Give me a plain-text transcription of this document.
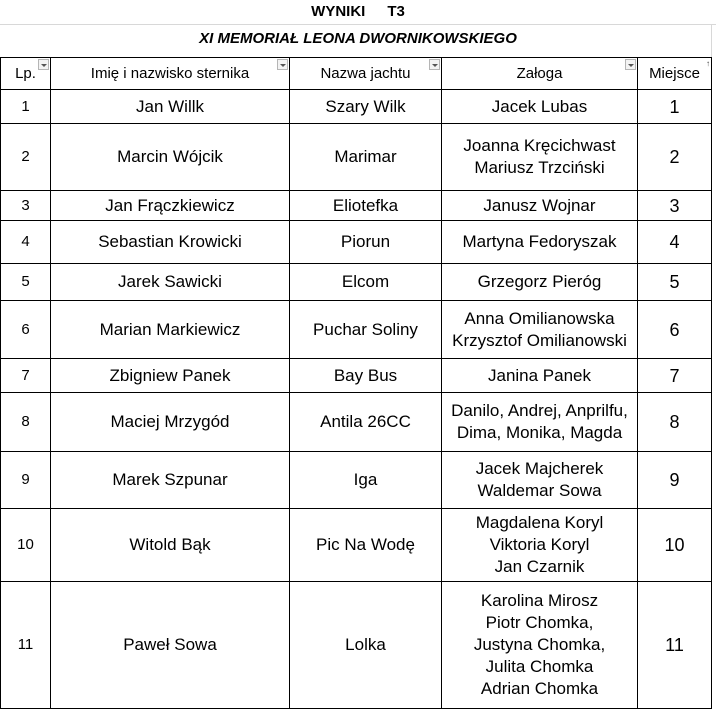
WYNIKI T3
XI MEMORIAŁ LEONA DWORNIKOWSKIEGO
Lp.	Imię i nazwisko sternika	Nazwa jachtu	Załoga	Miejsce
↑

1	Jan Willk	Szary Wilk	Jacek Lubas	1
2	Marcin Wójcik	Marimar	Joanna Kręcichwast
Mariusz Trzciński	2
3	Jan Frączkiewicz	Eliotefka	Janusz Wojnar	3
4	Sebastian Krowicki	Piorun	Martyna Fedoryszak	4
5	Jarek Sawicki	Elcom	Grzegorz Pieróg	5
6	Marian Markiewicz	Puchar Soliny	Anna Omilianowska
Krzysztof Omilianowski	6
7	Zbigniew Panek	Bay Bus	Janina Panek	7
8	Maciej Mrzygód	Antila 26CC	Danilo, Andrej, Anprilfu,
Dima, Monika, Magda	8
9	Marek Szpunar	Iga	Jacek Majcherek
Waldemar Sowa	9
10	Witold Bąk	Pic Na Wodę	Magdalena Koryl
Viktoria Koryl
Jan Czarnik	10
11	Paweł Sowa	Lolka	Karolina Mirosz
Piotr Chomka,
Justyna Chomka,
Julita Chomka
Adrian Chomka	11
